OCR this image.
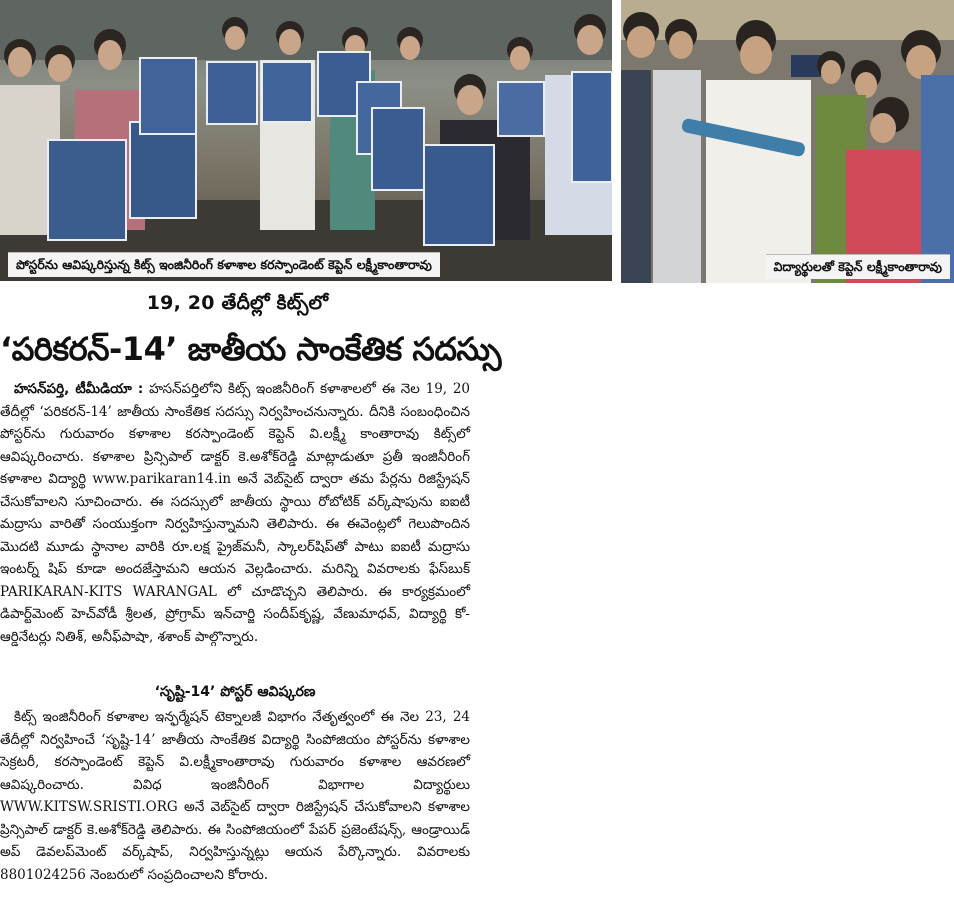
పోస్టర్‌ను ఆవిష్కరిస్తున్న కిట్స్ ఇంజినీరింగ్ కళాశాల కరస్పాండెంట్ కెప్టెన్ లక్ష్మీకాంతారావు	విద్యార్థులతో కెప్టెన్ లక్ష్మీకాంతారావు
19, 20 తేదీల్లో కిట్స్‌లో
‘పరికరన్-14’ జాతీయ సాంకేతిక సదస్సు

హసన్‌పర్తి, టీమీడియా : హసన్‌పర్తిలోని కిట్స్ ఇంజినీరింగ్ కళాశాలలో ఈ నెల 19, 20 తేదీల్లో ‘పరికరన్-14’ జాతీయ సాంకేతిక సదస్సు నిర్వహించనున్నారు. దీనికి సంబంధించిన పోస్టర్‌ను గురువారం కళాశాల కరస్పాండెంట్ కెప్టెన్ వి.లక్ష్మీ కాంతారావు కిట్స్‌లో ఆవిష్కరించారు. కళాశాల ప్రిన్సిపాల్ డాక్టర్ కె.అశోక్‌రెడ్డి మాట్లాడుతూ ప్రతీ ఇంజినీరింగ్ కళాశాల విద్యార్థి www.parikaran14.in అనే వెబ్‌సైట్ ద్వారా తమ పేర్లను రిజిస్ట్రేషన్ చేసుకోవాలని సూచించారు. ఈ సదస్సులో జాతీయ స్థాయి రోబోటిక్ వర్క్‌షాపును ఐఐటీ మద్రాసు వారితో సంయుక్తంగా నిర్వహిస్తున్నామని తెలిపారు. ఈ ఈవెంట్లలో గెలుపొందిన మొదటి మూడు స్థానాల వారికి రూ.లక్ష ప్రైజ్‌మనీ, స్కాలర్‌షిప్‌తో పాటు ఐఐటీ మద్రాసు ఇంటర్న్ షిప్ కూడా అందజేస్తామని ఆయన వెల్లడించారు. మరిన్ని వివరాలకు ఫేస్‌బుక్ PARIKARAN-KITS WARANGAL లో చూడొచ్చని తెలిపారు. ఈ కార్యక్రమంలో డిపార్ట్‌మెంట్ హెచ్‌వోడీ శ్రీలత, ప్రోగ్రామ్ ఇన్‌చార్జి సందీప్‌కృష్ణ, వేణుమాధవ్, విద్యార్థి కో-ఆర్డినేటర్లు నితిశ్, అనీఫ్‌పాషా, శశాంక్ పాల్గొన్నారు.

‘సృష్టి-14’ పోస్టర్ ఆవిష్కరణ

కిట్స్ ఇంజినీరింగ్ కళాశాల ఇన్ఫర్మేషన్ టెక్నాలజీ విభాగం నేతృత్వంలో ఈ నెల 23, 24 తేదీల్లో నిర్వహించే ‘సృష్టి-14’ జాతీయ సాంకేతిక విద్యార్థి సింపోజియం పోస్టర్‌ను కళాశాల సెక్రటరీ, కరస్పాండెంట్ కెప్టెన్ వి.లక్ష్మీకాంతారావు గురువారం కళాశాల ఆవరణలో ఆవిష్కరించారు. వివిధ ఇంజినీరింగ్ విభాగాల విద్యార్థులు WWW.KITSW.SRISTI.ORG అనే వెబ్‌సైట్ ద్వారా రిజిస్ట్రేషన్ చేసుకోవాలని కళాశాల ప్రిన్సిపాల్ డాక్టర్ కె.అశోక్‌రెడ్డి తెలిపారు. ఈ సింపోజియంలో పేపర్ ప్రజెంటేషన్స్, ఆండ్రాయిడ్ అప్ డెవలప్‌మెంట్ వర్క్‌షాప్, నిర్వహిస్తున్నట్లు ఆయన పేర్కొన్నారు. వివరాలకు 8801024256 నెంబరులో సంప్రదించాలని కోరారు.
